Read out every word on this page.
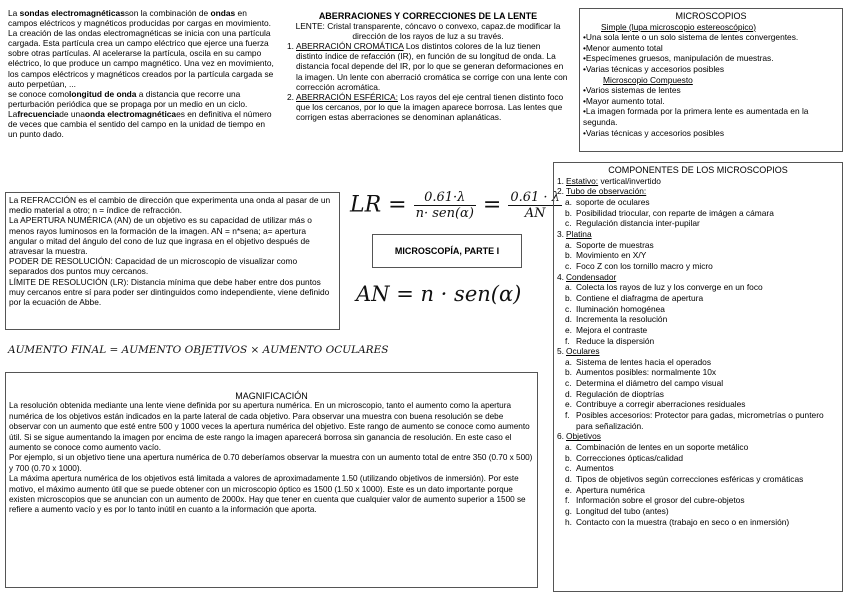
La sondas electromagnéticasson la combinación de ondas en campos eléctricos y magnéticos producidas por cargas en movimiento. La creación de las ondas electromagnéticas se inicia con una partícula cargada. Esta partícula crea un campo eléctrico que ejerce una fuerza sobre otras partículas. Al acelerarse la partícula, oscila en su campo eléctrico, lo que produce un campo magnético. Una vez en movimiento, los campos eléctricos y magnéticos creados por la partícula cargada se auto perpetúan, ...

se conoce comolongitud de onda a distancia que recorre una perturbación periódica que se propaga por un medio en un ciclo.

Lafrecuenciade unaonda electromagnéticaes en definitiva el número de veces que cambia el sentido del campo en la unidad de tiempo en un punto dado.

ABERRACIONES Y CORRECCIONES DE LA LENTE

LENTE: Cristal transparente, cóncavo o convexo, capaz.de modificar la dirección de los rayos de luz a su través.

1. ABERRACIÓN CROMÁTICA Los distintos colores de la luz tienen distinto índice de refacción (IR), en función de su longitud de onda. La distancia focal depende del IR, por lo que se generan deformaciones en la imagen. Un lente con aberració cromática se corrige con una lente con corrección acromática.
2. ABERRACIÓN ESFÉRICA: Los rayos del eje central tienen distinto foco que los cercanos, por lo que la imagen aparece borrosa. Las lentes que corrigen estas aberraciones se denominan aplanáticas.

MICROSCOPIOS

Simple (lupa microscopio estereoscópico)

•Una sola lente o un solo sistema de lentes convergentes.

•Menor aumento total

•Especímenes gruesos, manipulación de muestras.

•Varias técnicas y accesorios posibles

Microscopio Compuesto

•Varios sistemas de lentes

•Mayor aumento total.

•La imagen formada por la primera lente es aumentada en la segunda.

•Varias técnicas y accesorios posibles

La REFRACCIÓN es el cambio de dirección que experimenta una onda al pasar de un medio material a otro; n = índice de refracción.

La APERTURA NUMÉRICA (AN) de un objetivo es su capacidad de utilizar más o menos rayos luminosos en la formación de la imagen. AN = n*sena; a= apertura angular o mitad del ángulo del cono de luz que ingrasa en el objetivo después de atravesar la muestra.

PODER DE RESOLUCIÓN: Capacidad de un microscopio de visualizar como separados dos puntos muy cercanos.

LÍMITE DE RESOLUCIÓN (LR): Distancia mínima que debe haber entre dos puntos muy cercanos entre sí para poder ser dintinguidos como independiente, viene definido por la ecuación de Abbe.

LR = $\frac{0.61\cdot\lambda}{\text{n· sen(α)}} = \frac{0.61 \cdot \lambda}{AN}$
MICROSCOPÍA, PARTE I
AN = n · sen(α)
AUMENTO FINAL = AUMENTO OBJETIVOS × AUMENTO OCULARES

MAGNIFICACIÓN

La resolución obtenida mediante una lente viene definida por su apertura numérica. En un microscopio, tanto el aumento como la apertura numérica de los objetivos están indicados en la parte lateral de cada objetivo. Para observar una muestra con buena resolución se debe observar con un aumento que esté entre 500 y 1000 veces la apertura numérica del objetivo. Este rango de aumento se conoce como aumento útil. Si se sigue aumentando la imagen por encima de este rango la imagen aparecerá borrosa sin ganancia de resolución. En este caso el aumento se conoce como aumento vacío.

Por ejemplo, si un objetivo tiene una apertura numérica de 0.70 deberíamos observar la muestra con un aumento total de entre 350 (0.70 x 500) y 700 (0.70 x 1000).

La máxima apertura numérica de los objetivos está limitada a valores de aproximadamente 1.50 (utilizando objetivos de inmersión). Por este motivo, el máximo aumento útil que se puede obtener con un microscopio óptico es 1500 (1.50 x 1000). Este es un dato importante porque existen microscopios que se anuncian con un aumento de 2000x. Hay que tener en cuenta que cualquier valor de aumento superior a 1500 se refiere a aumento vacío y es por lo tanto inútil en cuanto a la información que aporta.

COMPONENTES DE LOS MICROSCOPIOS

1. Estativo: vertical/invertido
2. Tubo de observación:
a. soporte de oculares
b. Posibilidad triocular, con reparte de imágen a cámara
c. Regulación distancia inter-pupilar
3. Platina
a. Soporte de muestras
b. Movimiento en X/Y
c. Foco Z con los tornillo macro y micro
4. Condensador
a. Colecta los rayos de luz y los converge en un foco
b. Contiene el diafragma de apertura
c. Iluminación homogénea
d. Incrementa la resolución
e. Mejora el contraste
f. Reduce la dispersión
5. Oculares
a. Sistema de lentes hacia el operados
b. Aumentos posibles: normalmente 10x
c. Determina el diámetro del campo visual
d. Regulación de dioptrías
e. Contribuye a corregir aberraciones residuales
f. Posibles accesorios: Protector para gadas, micrometrías o puntero para señalización.
6. Objetivos
a. Combinación de lentes en un soporte metálico
b. Correcciones ópticas/calidad
c. Aumentos
d. Tipos de objetivos según correcciones esféricas y cromáticas
e. Apertura numérica
f. Información sobre el grosor del cubre-objetos
g. Longitud del tubo (antes)
h. Contacto con la muestra (trabajo en seco o en inmersión)
